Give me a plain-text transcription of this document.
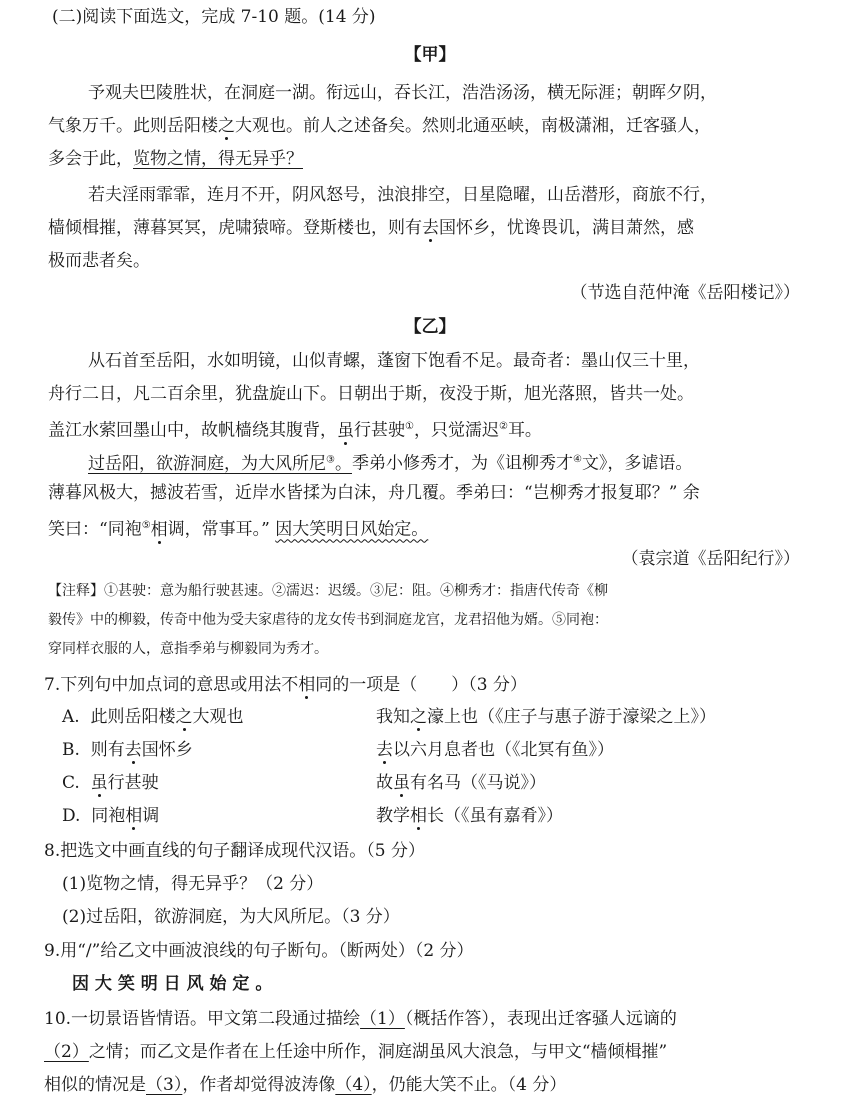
(二)阅读下面选文，完成 7-10 题。(14 分)
【甲】
予观夫巴陵胜状，在洞庭一湖。衔远山，吞长江，浩浩汤汤，横无际涯；朝晖夕阴，
气象万千。此则岳阳楼之大观也。前人之述备矣。然则北通巫峡，南极潇湘，迁客骚人，
多会于此，览物之情，得无异乎？
若夫淫雨霏霏，连月不开，阴风怒号，浊浪排空，日星隐曜，山岳潜形，商旅不行，
樯倾楫摧，薄暮冥冥，虎啸猿啼。登斯楼也，则有去国怀乡，忧谗畏讥，满目萧然，感
极而悲者矣。
（节选自范仲淹《岳阳楼记》）
【乙】
从石首至岳阳，水如明镜，山似青螺，蓬窗下饱看不足。最奇者：墨山仅三十里，
舟行二日，凡二百余里，犹盘旋山下。日朝出于斯，夜没于斯，旭光落照，皆共一处。
盖江水萦回墨山中，故帆樯绕其腹背，虽行甚驶①，只觉濡迟②耳。
过岳阳，欲游洞庭，为大风所尼③。季弟小修秀才，为《诅柳秀才④文》，多谑语。
薄暮风极大，撼波若雪，近岸水皆揉为白沫，舟几覆。季弟曰：“岂柳秀才报复耶？” 余
笑曰：“同袍⑤相调，常事耳。” 因大笑明日风始定。
（袁宗道《岳阳纪行》）
【注释】①甚驶：意为船行驶甚速。②濡迟：迟缓。③尼：阻。④柳秀才：指唐代传奇《柳
毅传》中的柳毅，传奇中他为受夫家虐待的龙女传书到洞庭龙宫，龙君招他为婿。⑤同袍：
穿同样衣服的人，意指季弟与柳毅同为秀才。
7.下列句中加点词的意思或用法不相同的一项是（　　）（3 分）
A.  此则岳阳楼之大观也	我知之濠上也（《庄子与惠子游于濠梁之上》）
B.  则有去国怀乡	去以六月息者也（《北冥有鱼》）
C.  虽行甚驶	故虽有名马（《马说》）
D.  同袍相调	教学相长（《虽有嘉肴》）
8.把选文中画直线的句子翻译成现代汉语。（5 分）
(1)览物之情，得无异乎？（2 分）
(2)过岳阳，欲游洞庭，为大风所尼。（3 分）
9.用“/”给乙文中画波浪线的句子断句。（断两处）（2 分）
因 大 笑 明 日 风 始 定 。
10.一切景语皆情语。甲文第二段通过描绘（1）（概括作答），表现出迁客骚人远谪的
（2）之情；而乙文是作者在上任途中所作，洞庭湖虽风大浪急，与甲文“樯倾楫摧”
相似的情况是（3），作者却觉得波涛像（4），仍能大笑不止。（4 分）
